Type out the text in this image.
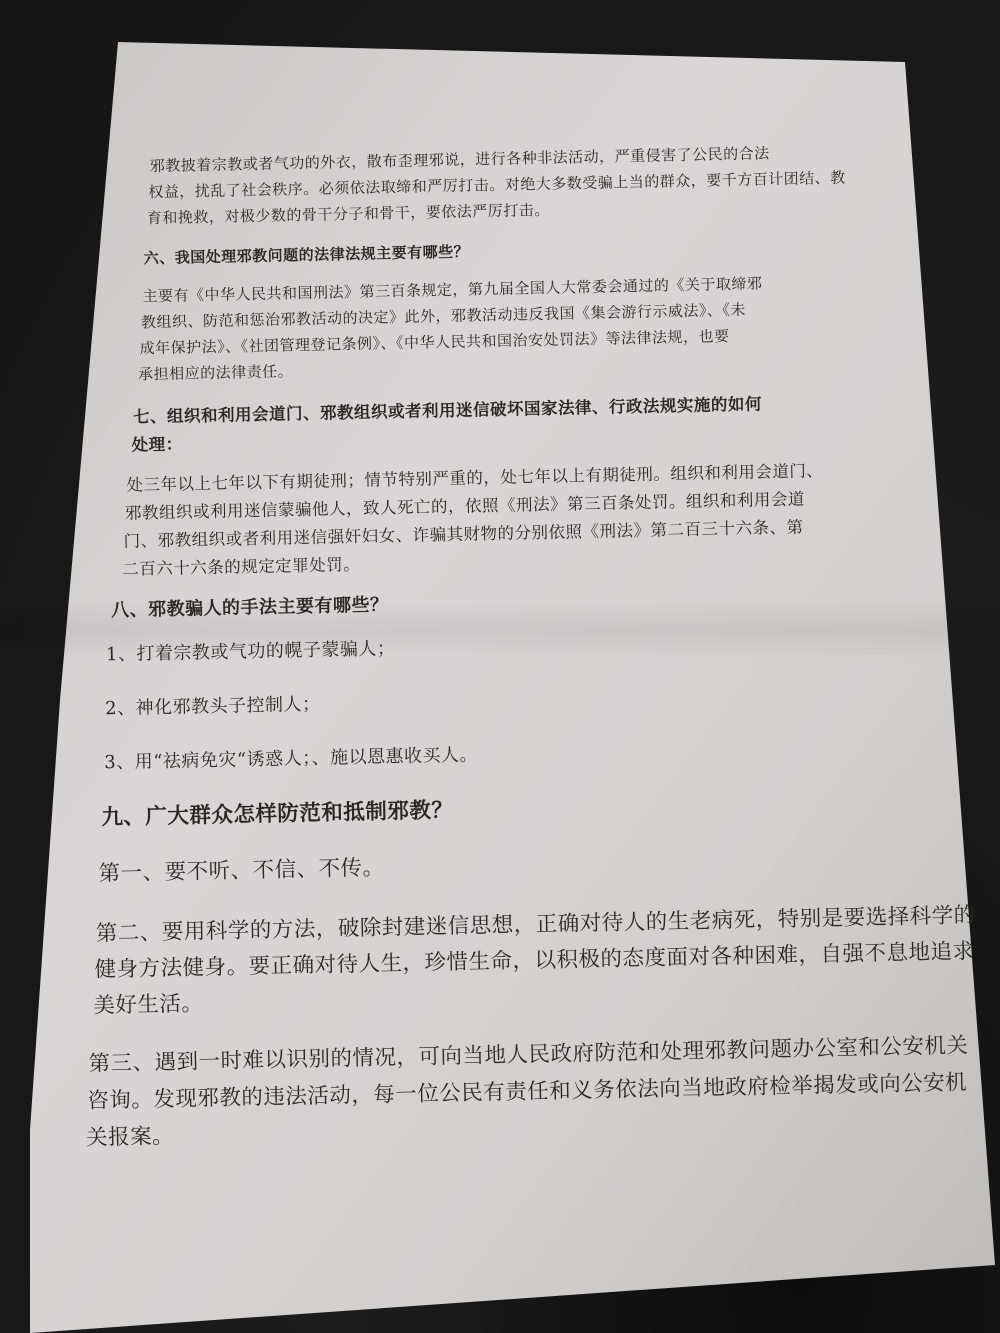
邪教披着宗教或者气功的外衣，散布歪理邪说，进行各种非法活动，严重侵害了公民的合法
权益，扰乱了社会秩序。必须依法取缔和严厉打击。对绝大多数受骗上当的群众，要千方百计团结、教
育和挽救，对极少数的骨干分子和骨干，要依法严厉打击。
六、我国处理邪教问题的法律法规主要有哪些？
主要有《中华人民共和国刑法》第三百条规定，第九届全国人大常委会通过的《关于取缔邪
教组织、防范和惩治邪教活动的决定》此外，邪教活动违反我国《集会游行示威法》、《未
成年保护法》、《社团管理登记条例》、《中华人民共和国治安处罚法》等法律法规，也要
承担相应的法律责任。
七、组织和利用会道门、邪教组织或者利用迷信破坏国家法律、行政法规实施的如何
处理：
处三年以上七年以下有期徒刑；情节特别严重的，处七年以上有期徒刑。组织和利用会道门、
邪教组织或利用迷信蒙骗他人，致人死亡的，依照《刑法》第三百条处罚。组织和利用会道
门、邪教组织或者利用迷信强奸妇女、诈骗其财物的分别依照《刑法》第二百三十六条、第
二百六十六条的规定定罪处罚。
八、邪教骗人的手法主要有哪些？
1、打着宗教或气功的幌子蒙骗人；
2、神化邪教头子控制人；
3、用“祛病免灾“诱惑人；、施以恩惠收买人。
九、广大群众怎样防范和抵制邪教？
第一、要不听、不信、不传。
第二、要用科学的方法，破除封建迷信思想，正确对待人的生老病死，特别是要选择科学的
健身方法健身。要正确对待人生，珍惜生命，以积极的态度面对各种困难，自强不息地追求
美好生活。
第三、遇到一时难以识别的情况，可向当地人民政府防范和处理邪教问题办公室和公安机关
咨询。发现邪教的违法活动，每一位公民有责任和义务依法向当地政府检举揭发或向公安机
关报案。
